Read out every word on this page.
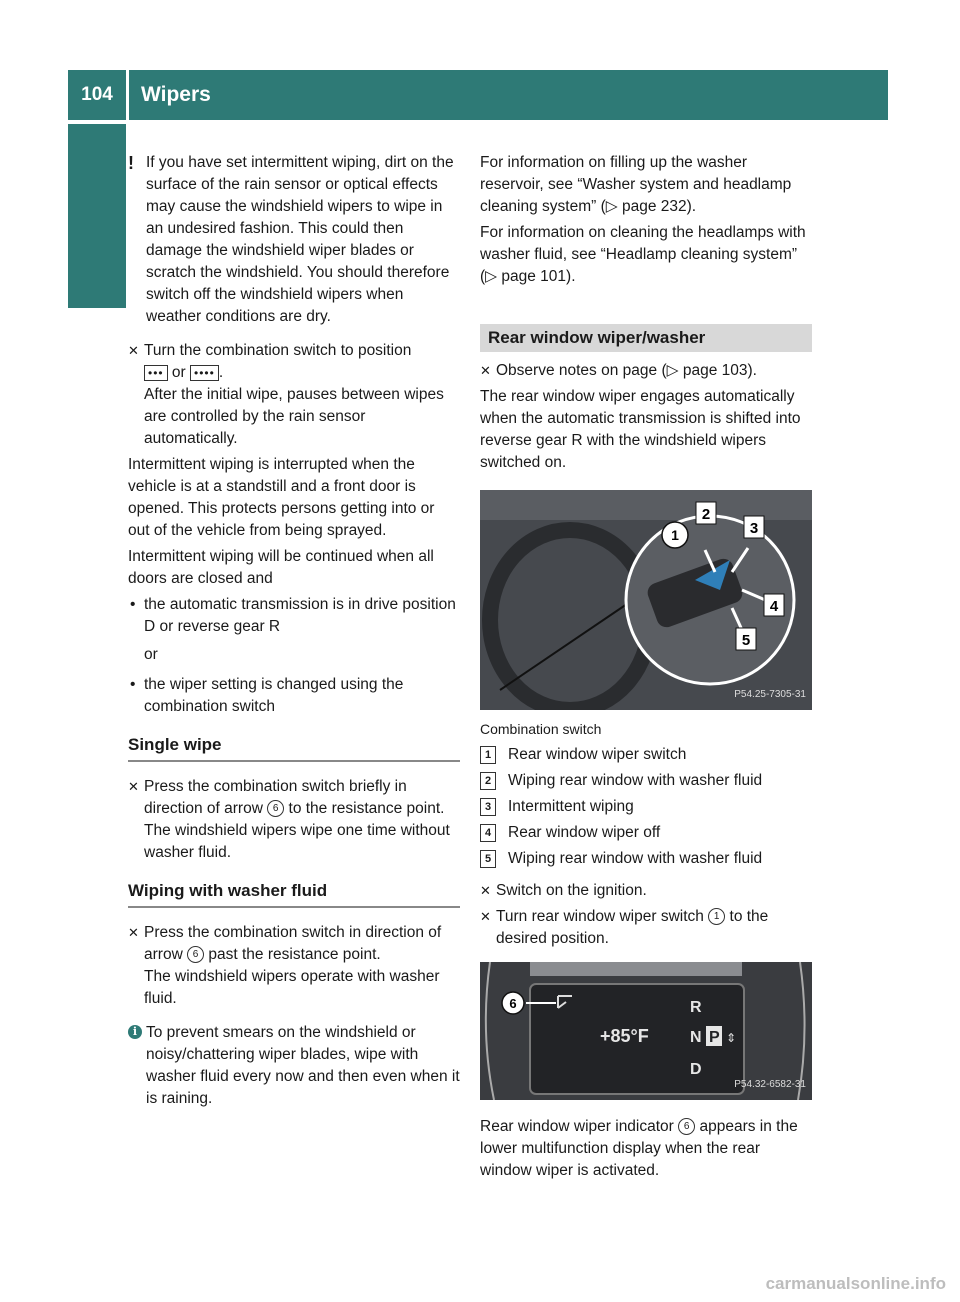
104	Wipers
Controls in detail

! If you have set intermittent wiping, dirt on the surface of the rain sensor or optical effects may cause the windshield wipers to wipe in an undesired fashion. This could then damage the windshield wiper blades or scratch the windshield. You should therefore switch off the windshield wipers when weather conditions are dry.

✕ Turn the combination switch to position
••• or •••• .
After the initial wipe, pauses between wipes are controlled by the rain sensor automatically.

Intermittent wiping is interrupted when the vehicle is at a standstill and a front door is opened. This protects persons getting into or out of the vehicle from being sprayed.

Intermittent wiping will be continued when all doors are closed and

• the automatic transmission is in drive position D or reverse gear R

or

• the wiper setting is changed using the combination switch
Single wipe
✕ Press the combination switch briefly in direction of arrow 6 to the resistance point.
The windshield wipers wipe one time without washer fluid.
Wiping with washer fluid
✕ Press the combination switch in direction of arrow 6 past the resistance point.
The windshield wipers operate with washer fluid.

i To prevent smears on the windshield or noisy/chattering wiper blades, wipe with washer fluid every now and then even when it is raining.

For information on filling up the washer reservoir, see “Washer system and headlamp cleaning system” (▷ page 232).

For information on cleaning the headlamps with washer fluid, see “Headlamp cleaning system” (▷ page 101).

Rear window wiper/washer
✕ Observe notes on page (▷ page 103).

The rear window wiper engages automatically when the automatic transmission is shifted into reverse gear R with the windshield wipers switched on.

1
2
3
4
5
P54.25-7305-31
Combination switch
1	Rear window wiper switch
2	Wiping rear window with washer fluid
3	Intermittent wiping
4	Rear window wiper off
5	Wiping rear window with washer fluid
✕ Switch on the ignition.
✕ Turn rear window wiper switch 1 to the desired position.
6
+85°F
R
N P ⇕
D
P54.32-6582-31

Rear window wiper indicator 6 appears in the lower multifunction display when the rear window wiper is activated.

carmanualsonline.info
